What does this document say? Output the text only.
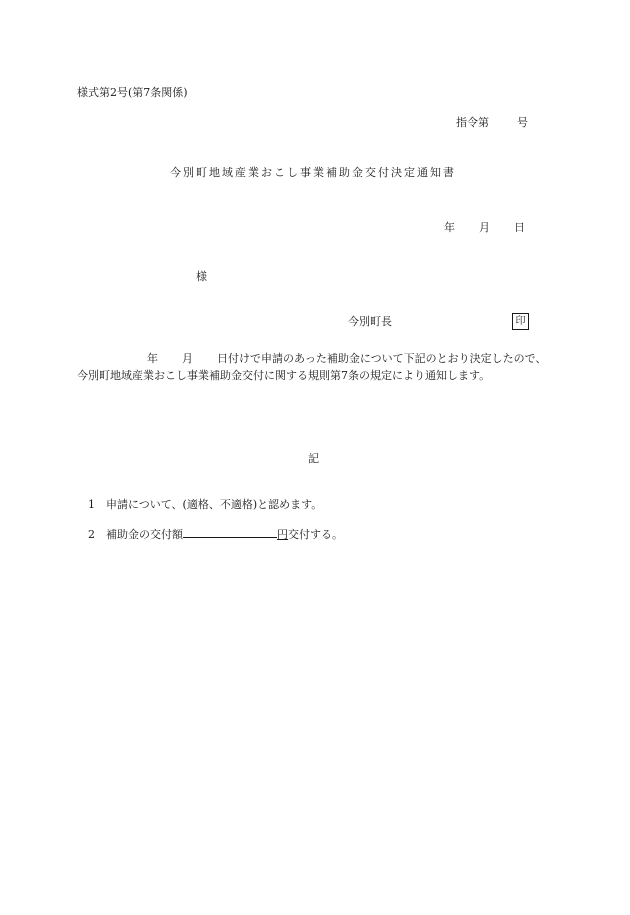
様式第2号(第7条関係)
指令第	号
今別町地域産業おこし事業補助金交付決定通知書
年 月 日
様
今別町長	印
年 月 日付けで申請のあった補助金について下記のとおり決定したので、今別町地域産業おこし事業補助金交付に関する規則第7条の規定により通知します。
記
1 申請について、(適格、不適格)と認めます。
2 補助金の交付額	円交付する。
